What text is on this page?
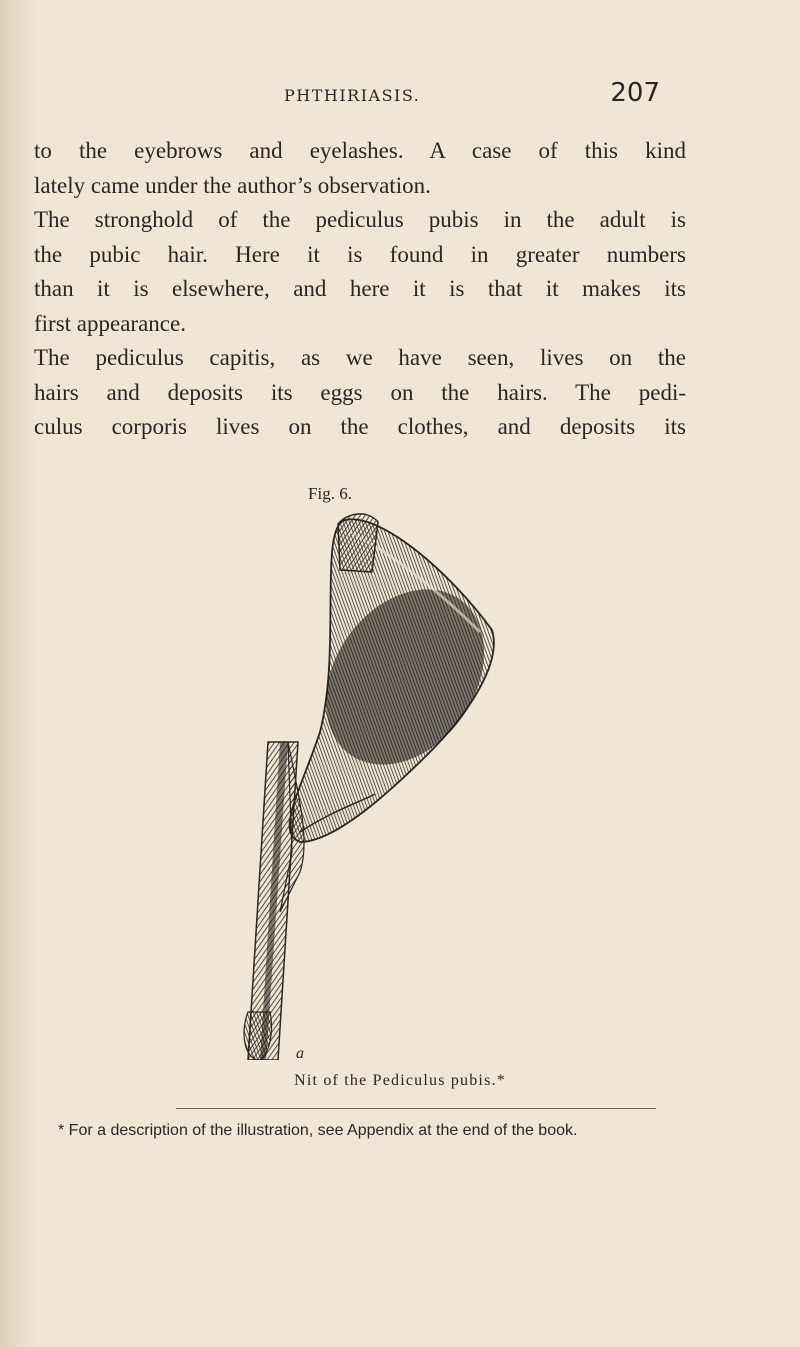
PHTHIRIASIS.	207
to the eyebrows and eyelashes. A case of this kind
lately came under the author’s observation.
The stronghold of the pediculus pubis in the adult is
the pubic hair. Here it is found in greater numbers
than it is elsewhere, and here it is that it makes its
first appearance.
The pediculus capitis, as we have seen, lives on the
hairs and deposits its eggs on the hairs. The pedi-
culus corporis lives on the clothes, and deposits its
Fig. 6.
a
Nit of the Pediculus pubis.*
* For a description of the illustration, see Appendix at the end of the book.
